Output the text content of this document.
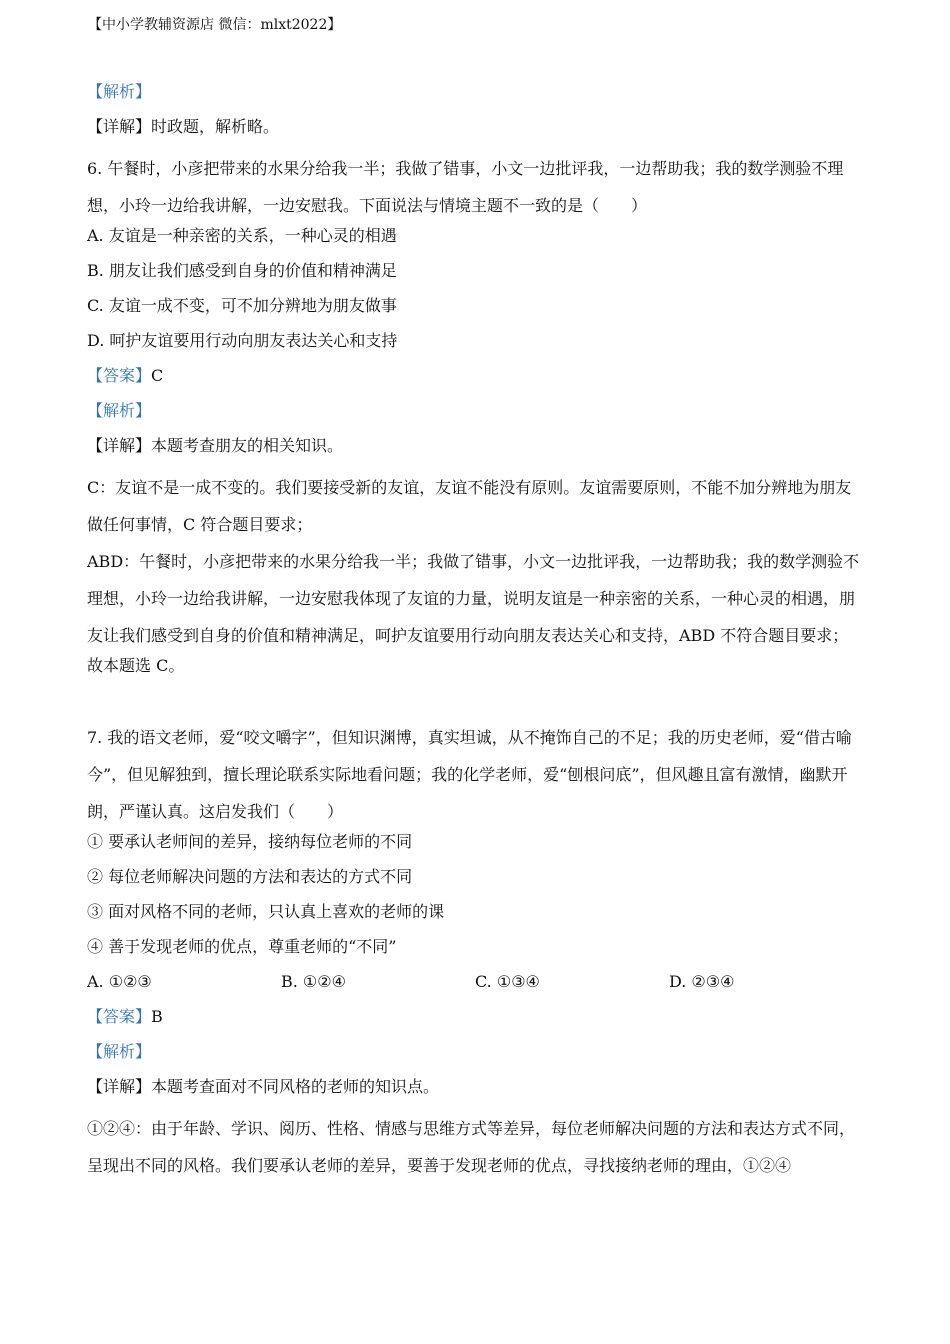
【中小学教辅资源店 微信：mlxt2022】
【解析】
【详解】时政题，解析略。
6. 午餐时，小彦把带来的水果分给我一半；我做了错事，小文一边批评我，一边帮助我；我的数学测验不理想，小玲一边给我讲解，一边安慰我。下面说法与情境主题不一致的是（　　）
A. 友谊是一种亲密的关系，一种心灵的相遇
B. 朋友让我们感受到自身的价值和精神满足
C. 友谊一成不变，可不加分辨地为朋友做事
D. 呵护友谊要用行动向朋友表达关心和支持
【答案】C
【解析】
【详解】本题考查朋友的相关知识。
C：友谊不是一成不变的。我们要接受新的友谊，友谊不能没有原则。友谊需要原则，不能不加分辨地为朋友做任何事情，C 符合题目要求；
ABD：午餐时，小彦把带来的水果分给我一半；我做了错事，小文一边批评我，一边帮助我；我的数学测验不理想，小玲一边给我讲解，一边安慰我体现了友谊的力量，说明友谊是一种亲密的关系，一种心灵的相遇，朋友让我们感受到自身的价值和精神满足，呵护友谊要用行动向朋友表达关心和支持，ABD 不符合题目要求；
故本题选 C。
7. 我的语文老师，爱“咬文嚼字”，但知识渊博，真实坦诚，从不掩饰自己的不足；我的历史老师，爱“借古喻今”，但见解独到，擅长理论联系实际地看问题；我的化学老师，爱“刨根问底”，但风趣且富有激情，幽默开朗，严谨认真。这启发我们（　　）
① 要承认老师间的差异，接纳每位老师的不同
② 每位老师解决问题的方法和表达的方式不同
③ 面对风格不同的老师，只认真上喜欢的老师的课
④ 善于发现老师的优点，尊重老师的“不同”
A. ①②③	B. ①②④	C. ①③④	D. ②③④
【答案】B
【解析】
【详解】本题考查面对不同风格的老师的知识点。
①②④：由于年龄、学识、阅历、性格、情感与思维方式等差异，每位老师解决问题的方法和表达方式不同，呈现出不同的风格。我们要承认老师的差异，要善于发现老师的优点，寻找接纳老师的理由，①②④
